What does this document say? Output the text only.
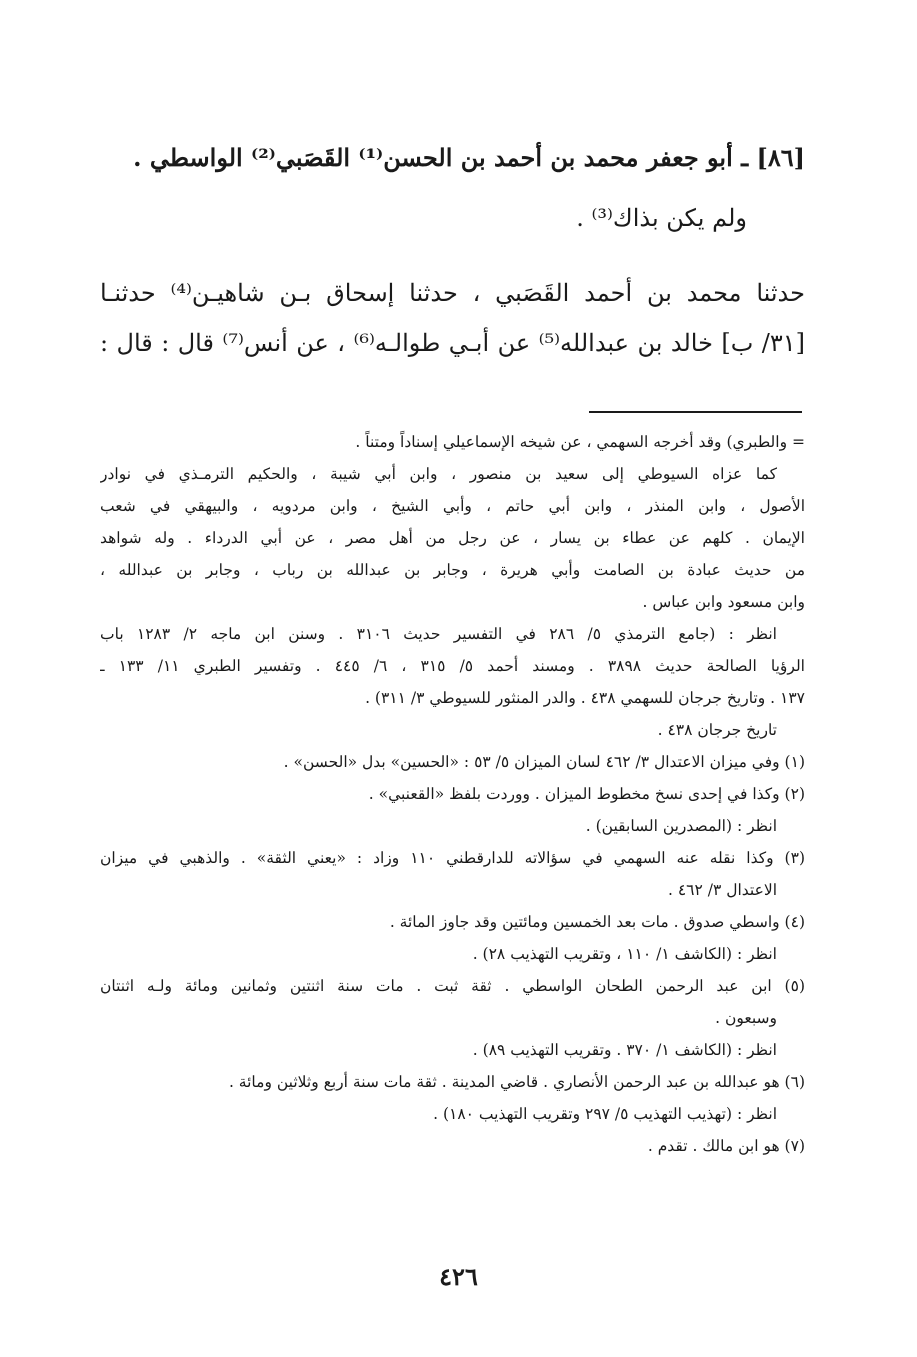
[٨٦] ـ أبو جعفر محمد بن أحمد بن الحسن⁽¹⁾ القَصَبي⁽²⁾ الواسطي .
ولم يكن بذاك⁽³⁾ .

حدثنا محمد بن أحمد القَصَبي ، حدثنا إسحاق بـن شاهيـن⁽⁴⁾ حدثنـا

[٣١/ ب] خالد بن عبدالله⁽⁵⁾ عن أبـي طوالـه⁽⁶⁾ ، عن أنس⁽⁷⁾ قال : قال :

= والطبري) وقد أخرجه السهمي ، عن شيخه الإسماعيلي إسناداً ومتناً .

كما عزاه السيوطي إلى سعيد بن منصور ، وابن أبي شيبة ، والحكيم الترمـذي في نوادر

الأصول ، وابن المنذر ، وابن أبي حاتم ، وأبي الشيخ ، وابن مردويه ، والبيهقي في شعب

الإيمان . كلهم عن عطاء بن يسار ، عن رجل من أهل مصر ، عن أبي الدرداء . وله شواهد

من حديث عبادة بن الصامت وأبي هريرة ، وجابر بن عبدالله بن رباب ، وجابر بن عبدالله ،

وابن مسعود وابن عباس .

انظر : (جامع الترمذي ٥/ ٢٨٦ في التفسير حديث ٣١٠٦ . وسنن ابن ماجه ٢/ ١٢٨٣ باب

الرؤيا الصالحة حديث ٣٨٩٨ . ومسند أحمد ٥/ ٣١٥ ، ٦/ ٤٤٥ . وتفسير الطبري ١١/ ١٣٣ ـ

١٣٧ . وتاريخ جرجان للسهمي ٤٣٨ . والدر المنثور للسيوطي ٣/ ٣١١) .

تاريخ جرجان ٤٣٨ .

(١) وفي ميزان الاعتدال ٣/ ٤٦٢ لسان الميزان ٥/ ٥٣ : «الحسين» بدل «الحسن» .

(٢) وكذا في إحدى نسخ مخطوط الميزان . ووردت بلفظ «القعنبي» .

انظر : (المصدرين السابقين) .

(٣) وكذا نقله عنه السهمي في سؤالاته للدارقطني ١١٠ وزاد : «يعني الثقة» . والذهبي في ميزان

الاعتدال ٣/ ٤٦٢ .

(٤) واسطي صدوق . مات بعد الخمسين ومائتين وقد جاوز المائة .

انظر : (الكاشف ١/ ١١٠ ، وتقريب التهذيب ٢٨) .

(٥) ابن عبد الرحمن الطحان الواسطي . ثقة ثبت . مات سنة اثنتين وثمانين ومائة ولـه اثنتان

وسبعون .

انظر : (الكاشف ١/ ٣٧٠ . وتقريب التهذيب ٨٩) .

(٦) هو عبدالله بن عبد الرحمن الأنصاري . قاضي المدينة . ثقة مات سنة أربع وثلاثين ومائة .

انظر : (تهذيب التهذيب ٥/ ٢٩٧ وتقريب التهذيب ١٨٠) .

(٧) هو ابن مالك . تقدم .

٤٢٦
